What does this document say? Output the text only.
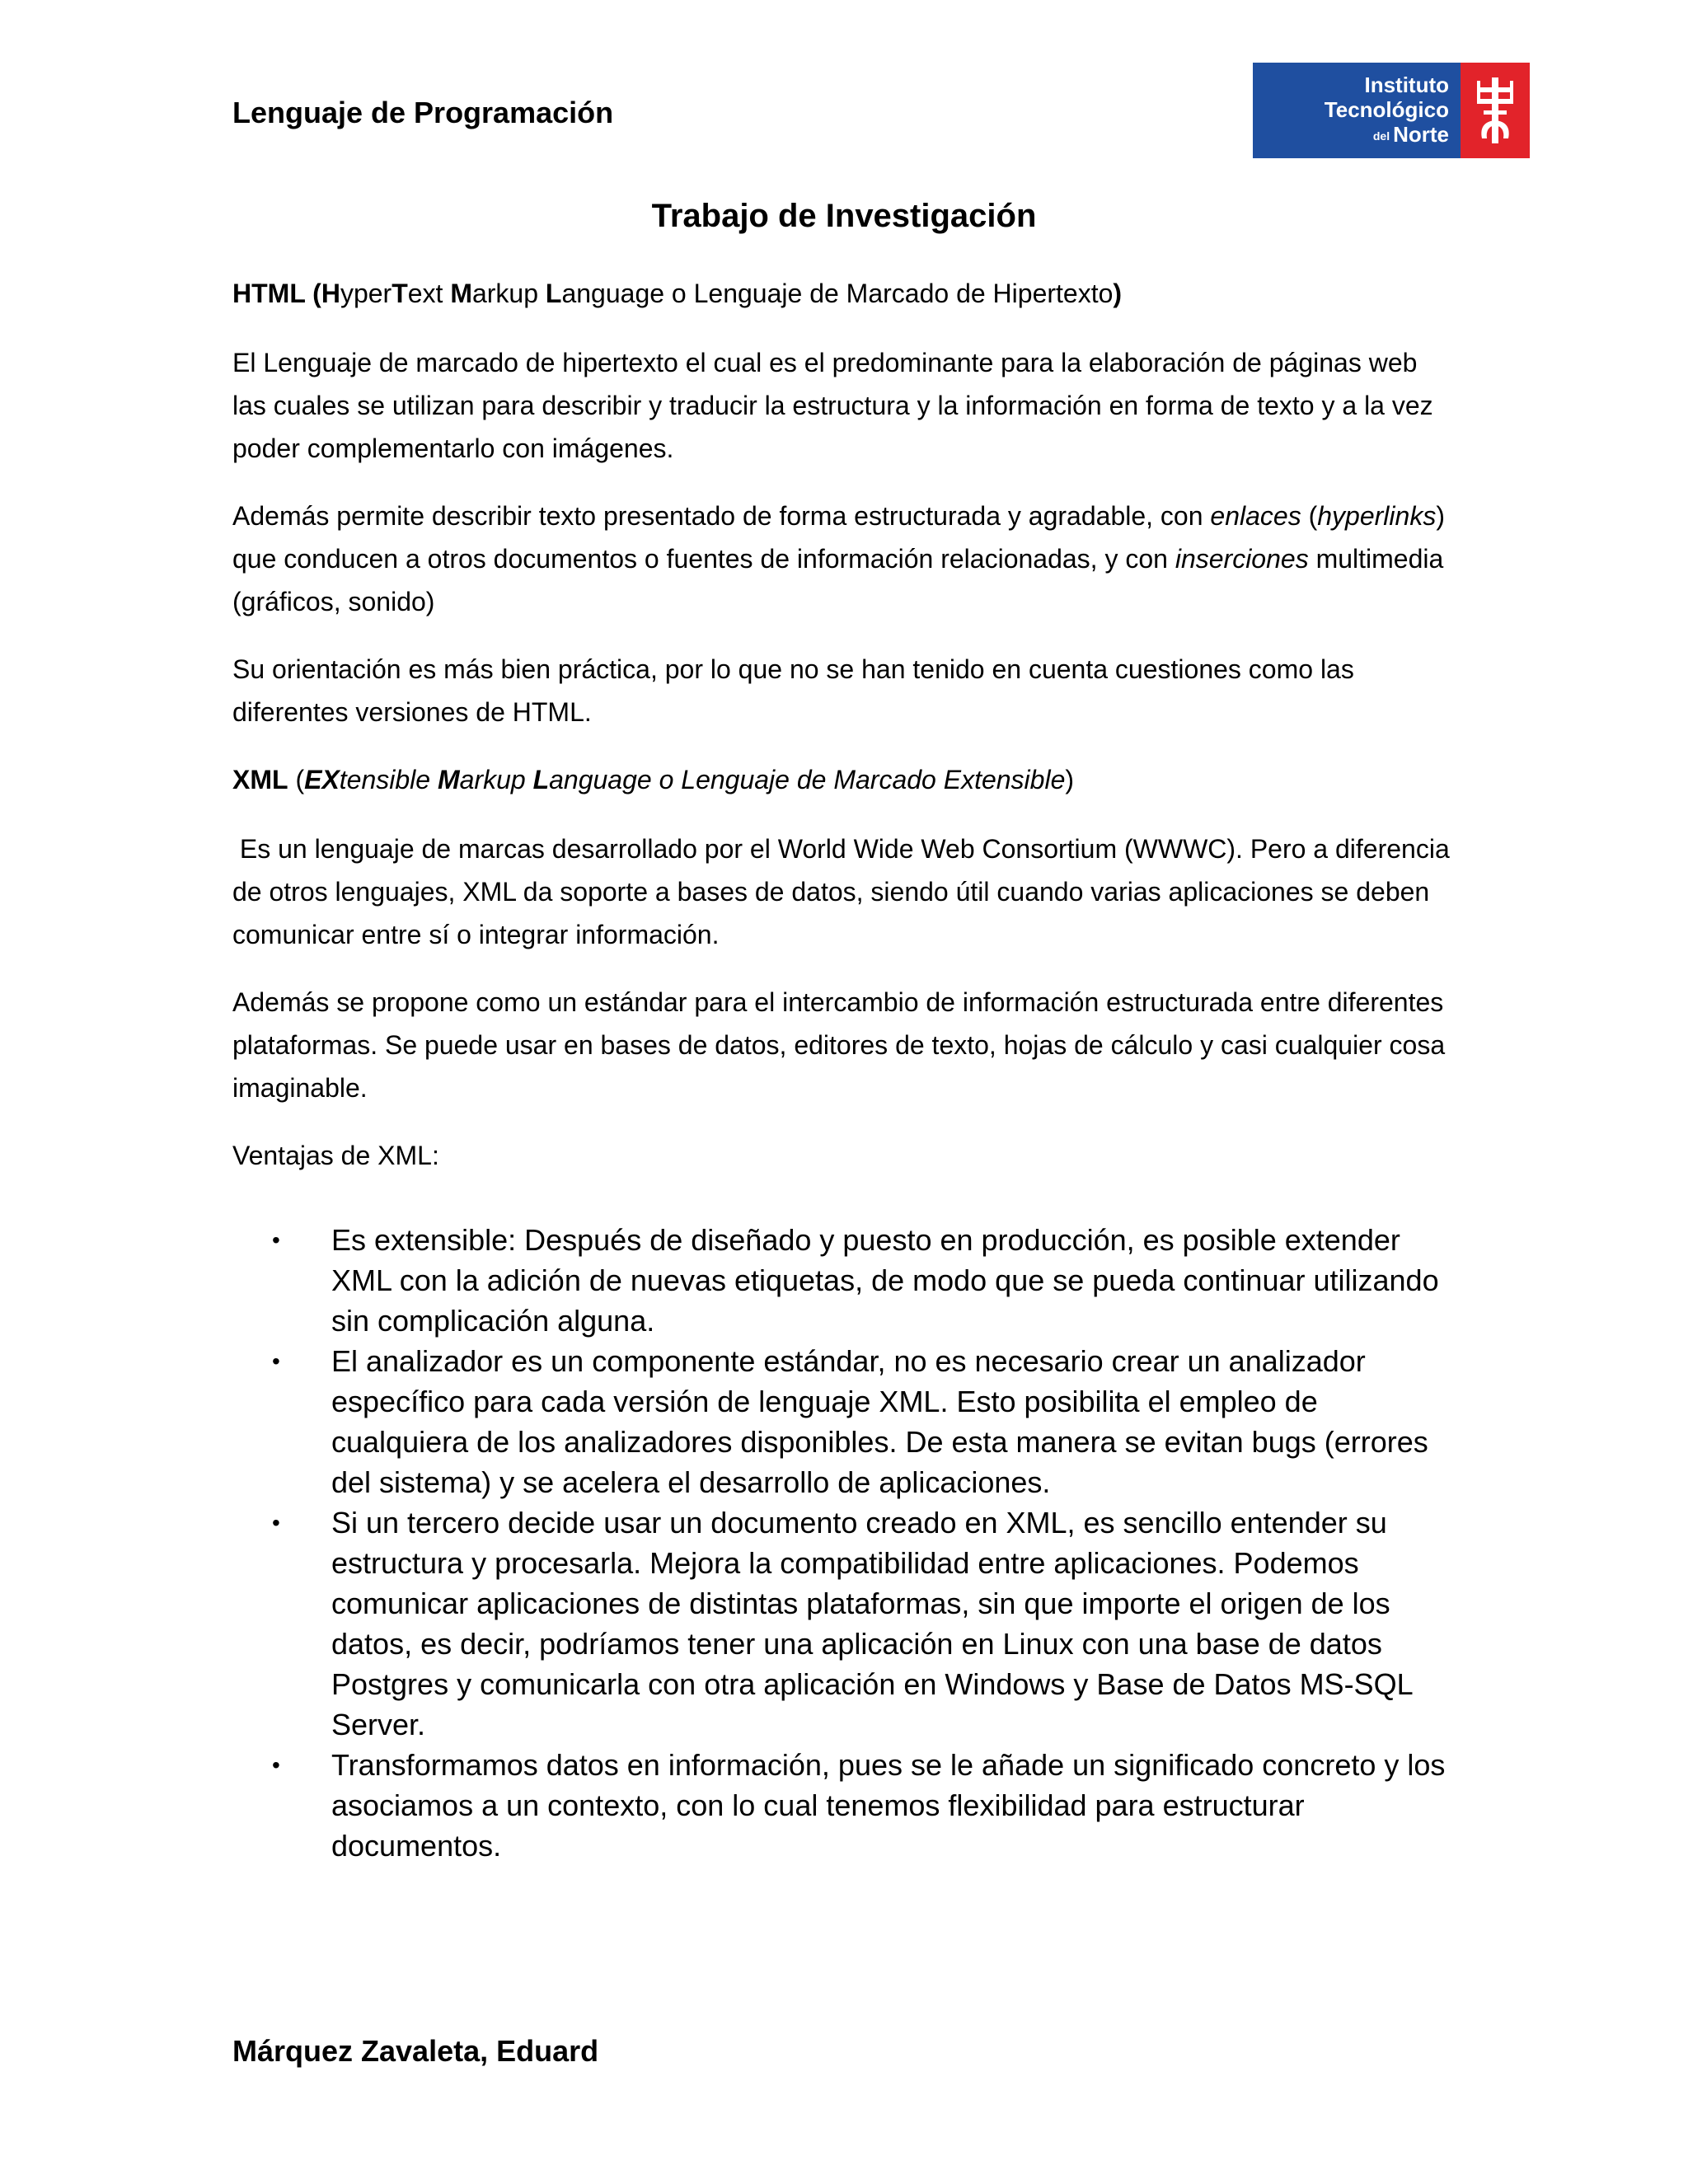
Lenguaje de Programación
Instituto
Tecnológico
del Norte
Trabajo de Investigación

HTML (HyperText Markup Language o Lenguaje de Marcado de Hipertexto)

El Lenguaje de marcado de hipertexto el cual es el predominante para la elaboración de páginas web las cuales se utilizan para describir y traducir la estructura y la información en forma de texto y a la vez poder complementarlo con imágenes.

Además permite describir texto presentado de forma estructurada y agradable, con enlaces (hyperlinks) que conducen a otros documentos o fuentes de información relacionadas, y con inserciones multimedia (gráficos, sonido)

Su orientación es más bien práctica, por lo que no se han tenido en cuenta cuestiones como las diferentes versiones de HTML.

XML (EXtensible Markup Language o Lenguaje de Marcado Extensible)

Es un lenguaje de marcas desarrollado por el World Wide Web Consortium (WWWC). Pero a diferencia de otros lenguajes, XML da soporte a bases de datos, siendo útil cuando varias aplicaciones se deben comunicar entre sí o integrar información.

Además se propone como un estándar para el intercambio de información estructurada entre diferentes plataformas. Se puede usar en bases de datos, editores de texto, hojas de cálculo y casi cualquier cosa imaginable.

Ventajas de XML:

• Es extensible: Después de diseñado y puesto en producción, es posible extender XML con la adición de nuevas etiquetas, de modo que se pueda continuar utilizando sin complicación alguna.
• El analizador es un componente estándar, no es necesario crear un analizador específico para cada versión de lenguaje XML. Esto posibilita el empleo de cualquiera de los analizadores disponibles. De esta manera se evitan bugs (errores del sistema) y se acelera el desarrollo de aplicaciones.
• Si un tercero decide usar un documento creado en XML, es sencillo entender su estructura y procesarla. Mejora la compatibilidad entre aplicaciones. Podemos comunicar aplicaciones de distintas plataformas, sin que importe el origen de los datos, es decir, podríamos tener una aplicación en Linux con una base de datos Postgres y comunicarla con otra aplicación en Windows y Base de Datos MS-SQL Server.
• Transformamos datos en información, pues se le añade un significado concreto y los asociamos a un contexto, con lo cual tenemos flexibilidad para estructurar documentos.

Márquez Zavaleta, Eduard
